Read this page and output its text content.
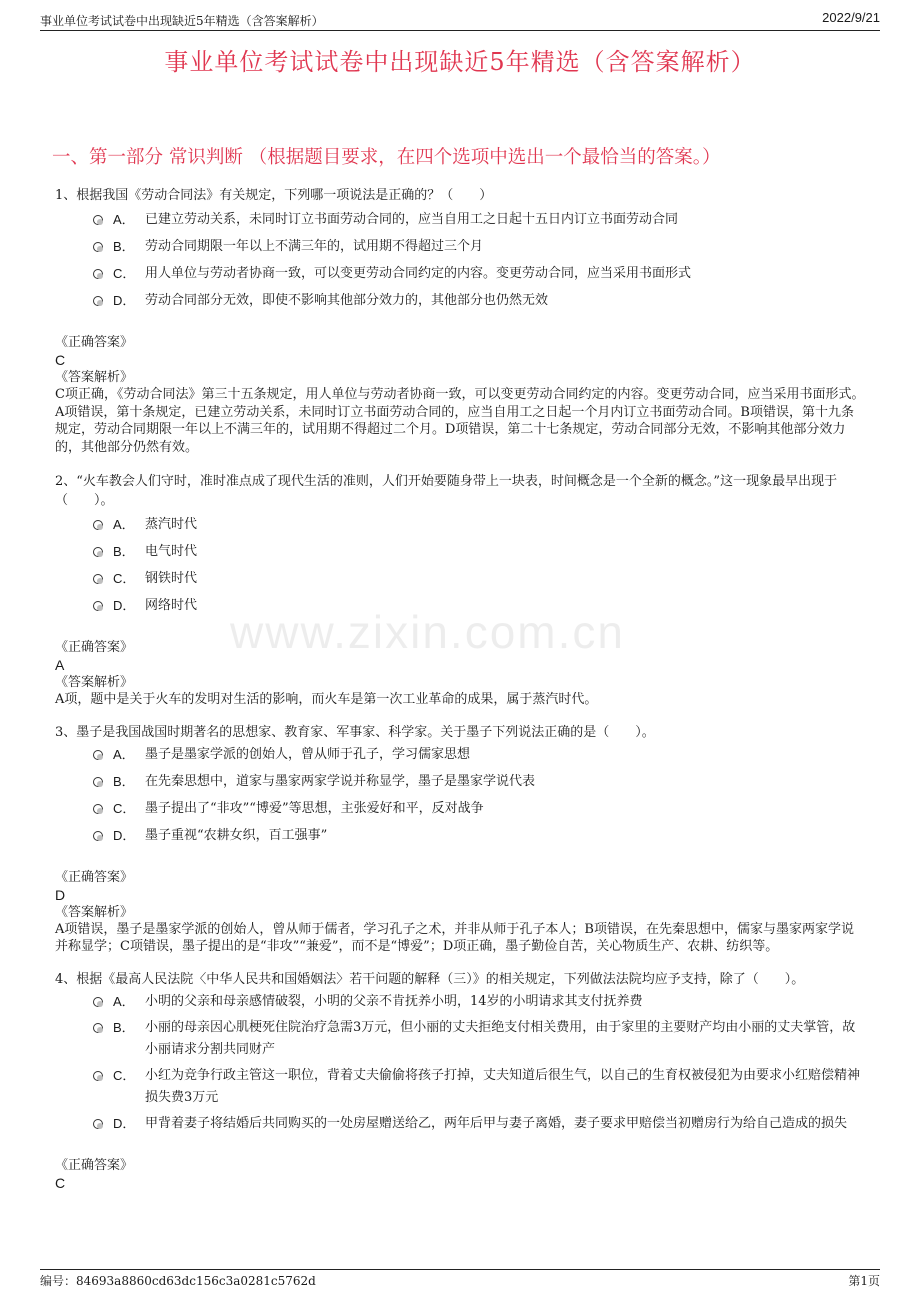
事业单位考试试卷中出现缺近5年精选（含答案解析）	2022/9/21
事业单位考试试卷中出现缺近5年精选（含答案解析）
一、第一部分 常识判断 （根据题目要求，在四个选项中选出一个最恰当的答案。）
www.zixin.com.cn

1、根据我国《劳动合同法》有关规定，下列哪一项说法是正确的？（　　）

A． 已建立劳动关系，未同时订立书面劳动合同的，应当自用工之日起十五日内订立书面劳动合同
B． 劳动合同期限一年以上不满三年的，试用期不得超过三个月
C． 用人单位与劳动者协商一致，可以变更劳动合同约定的内容。变更劳动合同，应当采用书面形式
D． 劳动合同部分无效，即使不影响其他部分效力的，其他部分也仍然无效

《正确答案》

C

《答案解析》

C项正确，《劳动合同法》第三十五条规定，用人单位与劳动者协商一致，可以变更劳动合同约定的内容。变更劳动合同，应当采用书面形式。A项错误，第十条规定，已建立劳动关系，未同时订立书面劳动合同的，应当自用工之日起一个月内订立书面劳动合同。B项错误，第十九条规定，劳动合同期限一年以上不满三年的，试用期不得超过二个月。D项错误，第二十七条规定，劳动合同部分无效，不影响其他部分效力的，其他部分仍然有效。

2、“火车教会人们守时，准时准点成了现代生活的准则，人们开始要随身带上一块表，时间概念是一个全新的概念。”这一现象最早出现于（　　）。

A． 蒸汽时代
B． 电气时代
C． 钢铁时代
D． 网络时代

《正确答案》

A

《答案解析》

A项，题中是关于火车的发明对生活的影响，而火车是第一次工业革命的成果，属于蒸汽时代。

3、墨子是我国战国时期著名的思想家、教育家、军事家、科学家。关于墨子下列说法正确的是（　　）。

A． 墨子是墨家学派的创始人，曾从师于孔子，学习儒家思想
B． 在先秦思想中，道家与墨家两家学说并称显学，墨子是墨家学说代表
C． 墨子提出了“非攻”“博爱”等思想，主张爱好和平，反对战争
D． 墨子重视“农耕女织，百工强事”

《正确答案》

D

《答案解析》

A项错误，墨子是墨家学派的创始人，曾从师于儒者，学习孔子之术，并非从师于孔子本人；B项错误，在先秦思想中，儒家与墨家两家学说并称显学；C项错误，墨子提出的是“非攻”“兼爱”，而不是“博爱”；D项正确，墨子勤俭自苦，关心物质生产、农耕、纺织等。

4、根据《最高人民法院〈中华人民共和国婚姻法〉若干问题的解释（三）》的相关规定，下列做法法院均应予支持，除了（　　）。

A． 小明的父亲和母亲感情破裂，小明的父亲不肯抚养小明，14岁的小明请求其支付抚养费
B． 小丽的母亲因心肌梗死住院治疗急需3万元，但小丽的丈夫拒绝支付相关费用，由于家里的主要财产均由小丽的丈夫掌管，故小丽请求分割共同财产
C． 小红为竞争行政主管这一职位，背着丈夫偷偷将孩子打掉，丈夫知道后很生气，以自己的生育权被侵犯为由要求小红赔偿精神损失费3万元
D． 甲背着妻子将结婚后共同购买的一处房屋赠送给乙，两年后甲与妻子离婚，妻子要求甲赔偿当初赠房行为给自己造成的损失

《正确答案》

C

编号：84693a8860cd63dc156c3a0281c5762d	第1页
